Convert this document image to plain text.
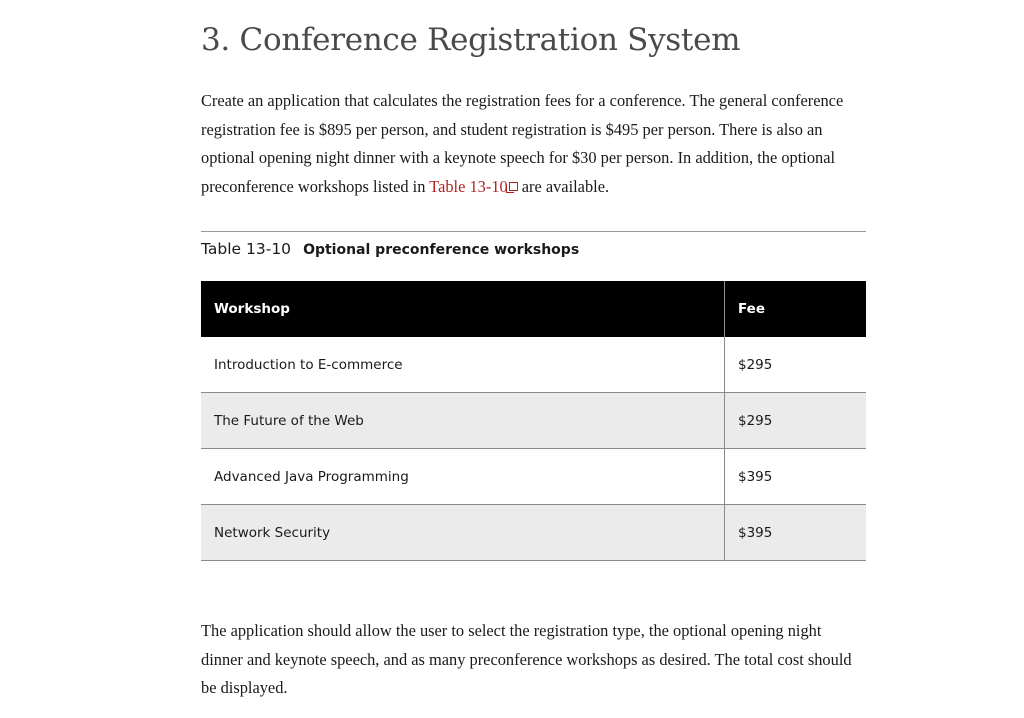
3. Conference Registration System

Create an application that calculates the registration fees for a conference. The general conference registration fee is $895 per person, and student registration is $495 per person. There is also an optional opening night dinner with a keynote speech for $30 per person. In addition, the optional preconference workshops listed in Table 13-10 are available.

Table 13-10 Optional preconference workshops
Workshop	Fee
Introduction to E-commerce	$295
The Future of the Web	$295
Advanced Java Programming	$395
Network Security	$395

The application should allow the user to select the registration type, the optional opening night dinner and keynote speech, and as many preconference workshops as desired. The total cost should be displayed.
